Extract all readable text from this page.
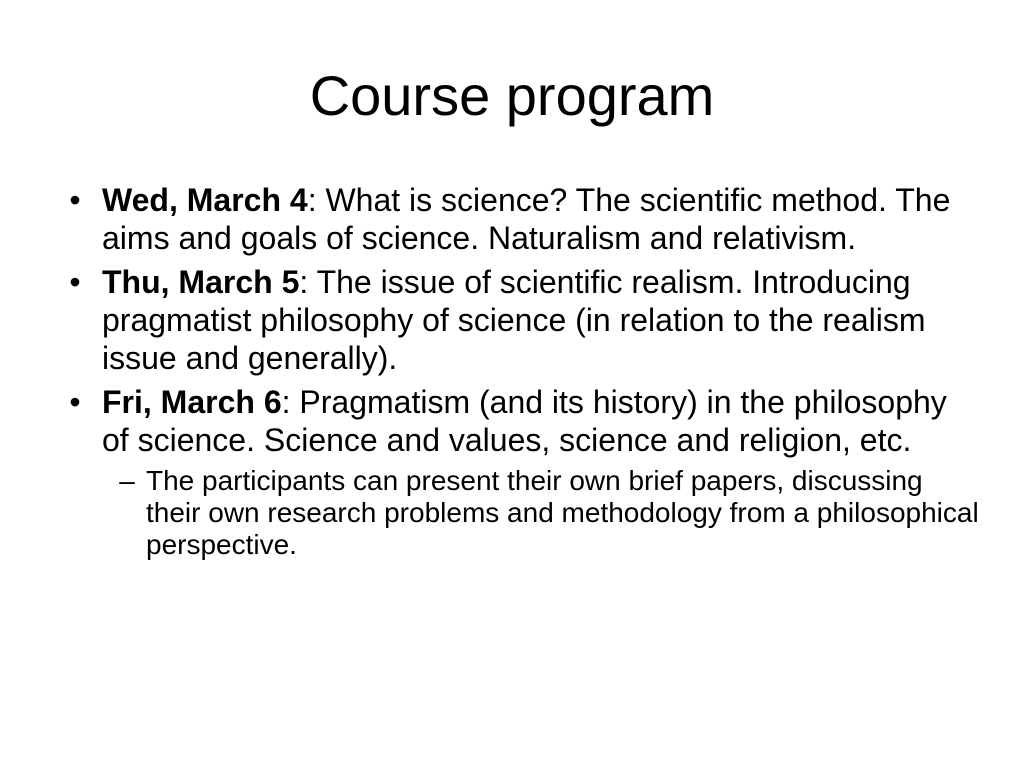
Course program
• Wed, March 4: What is science? The scientific method. The aims and goals of science. Naturalism and relativism.
• Thu, March 5: The issue of scientific realism. Introducing pragmatist philosophy of science (in relation to the realism issue and generally).
• Fri, March 6: Pragmatism (and its history) in the philosophy of science. Science and values, science and religion, etc.
– The participants can present their own brief papers, discussing their own research problems and methodology from a philosophical perspective.
